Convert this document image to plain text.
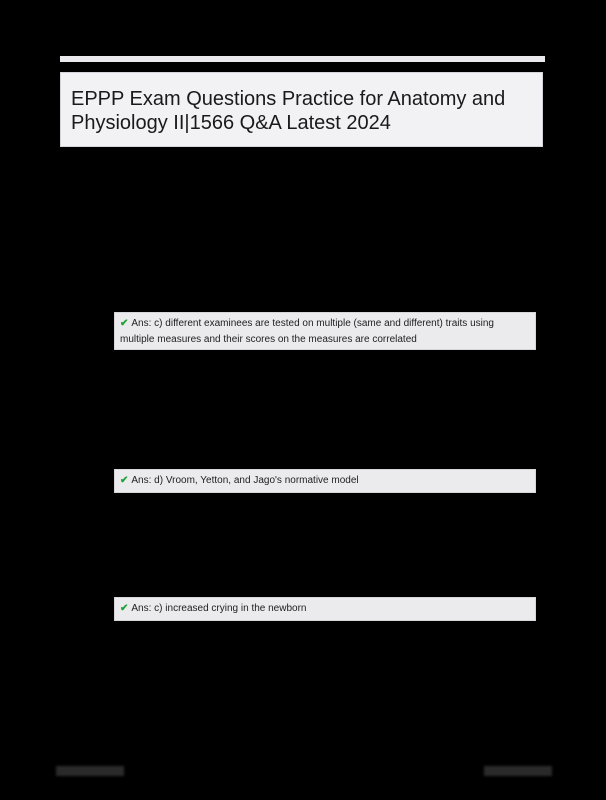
EPPP Exam Questions Practice for Anatomy and Physiology II|1566 Q&A Latest 2024
✔ Ans: c) different examinees are tested on multiple (same and different) traits using multiple measures and their scores on the measures are correlated
✔ Ans: d) Vroom, Yetton, and Jago's normative model
✔ Ans: c) increased crying in the newborn
